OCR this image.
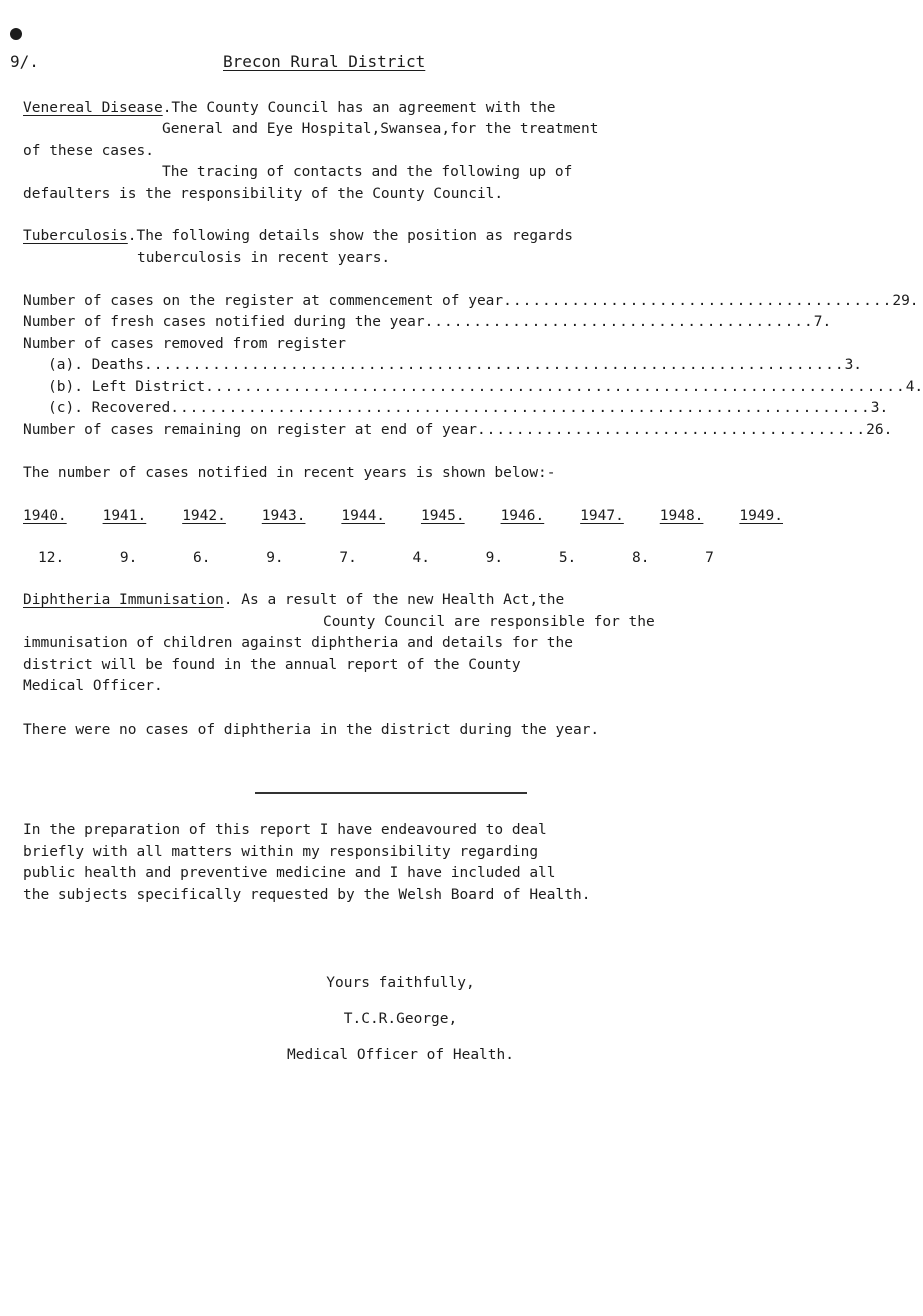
9/.	Brecon Rural District
Venereal Disease.The County Council has an agreement with the
General and Eye Hospital,Swansea,for the treatment
of these cases.
The tracing of contacts and the following up of
defaulters is the responsibility of the County Council.
Tuberculosis.The following details show the position as regards
tuberculosis in recent years.
Number of cases on the register at commencement of year ........................................ 29.
Number of fresh cases notified during the year ........................................ 7.
Number of cases removed from register
(a). Deaths ........................................................................ 3.
(b). Left District ........................................................................ 4.
(c). Recovered ........................................................................ 3.
Number of cases remaining on register at end of year ........................................ 26.
The number of cases notified in recent years is shown below:-
1940. 1941. 1942. 1943. 1944. 1945. 1946. 1947. 1948. 1949.
12.	9.	6.	9.	7.	4.	9.	5.	8.	7
Diphtheria Immunisation. As a result of the new Health Act,the
County Council are responsible for the
immunisation of children against diphtheria and details for the
district will be found in the annual report of the County
Medical Officer.
There were no cases of diphtheria in the district during the year.
In the preparation of this report I have endeavoured to deal
briefly with all matters within my responsibility regarding
public health and preventive medicine and I have included all
the subjects specifically requested by the Welsh Board of Health.
Yours faithfully,
T.C.R.George,
Medical Officer of Health.
